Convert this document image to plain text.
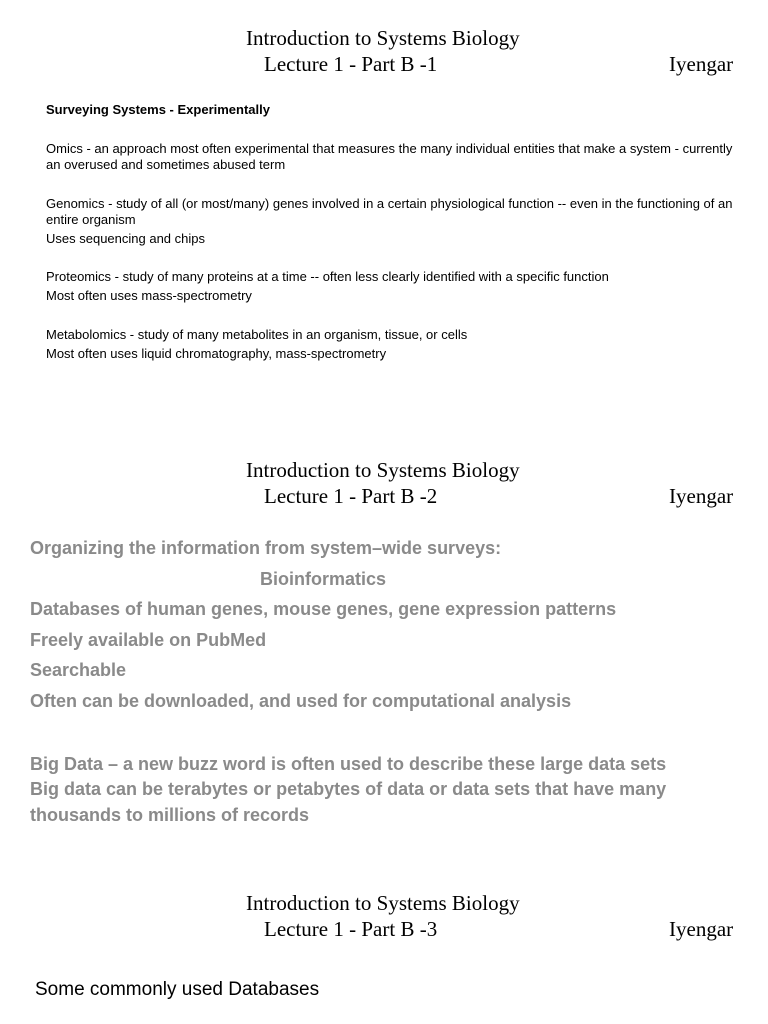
Introduction to Systems Biology
Lecture 1 - Part B -1	Iyengar
Surveying Systems - Experimentally
Omics - an approach most often experimental that measures the many individual entities that make a system - currently an overused and sometimes abused term
Genomics - study of all (or most/many) genes involved in a certain physiological function -- even in the functioning of an entire organism
Uses sequencing and chips
Proteomics - study of many proteins at a time -- often less clearly identified with a specific function
Most often uses mass-spectrometry
Metabolomics - study of many metabolites in an organism, tissue, or cells
Most often uses liquid chromatography, mass-spectrometry
Introduction to Systems Biology
Lecture 1 - Part B -2	Iyengar
Organizing the information from system–wide surveys:
Bioinformatics
Databases of human genes, mouse genes, gene expression patterns
Freely available on PubMed
Searchable
Often can be downloaded, and used for computational analysis
Big Data – a new buzz word is often used to describe these large data sets
Big data can be terabytes or petabytes of data or data sets that have many thousands to millions of records
Introduction to Systems Biology
Lecture 1 - Part B -3	Iyengar
Some commonly used Databases
